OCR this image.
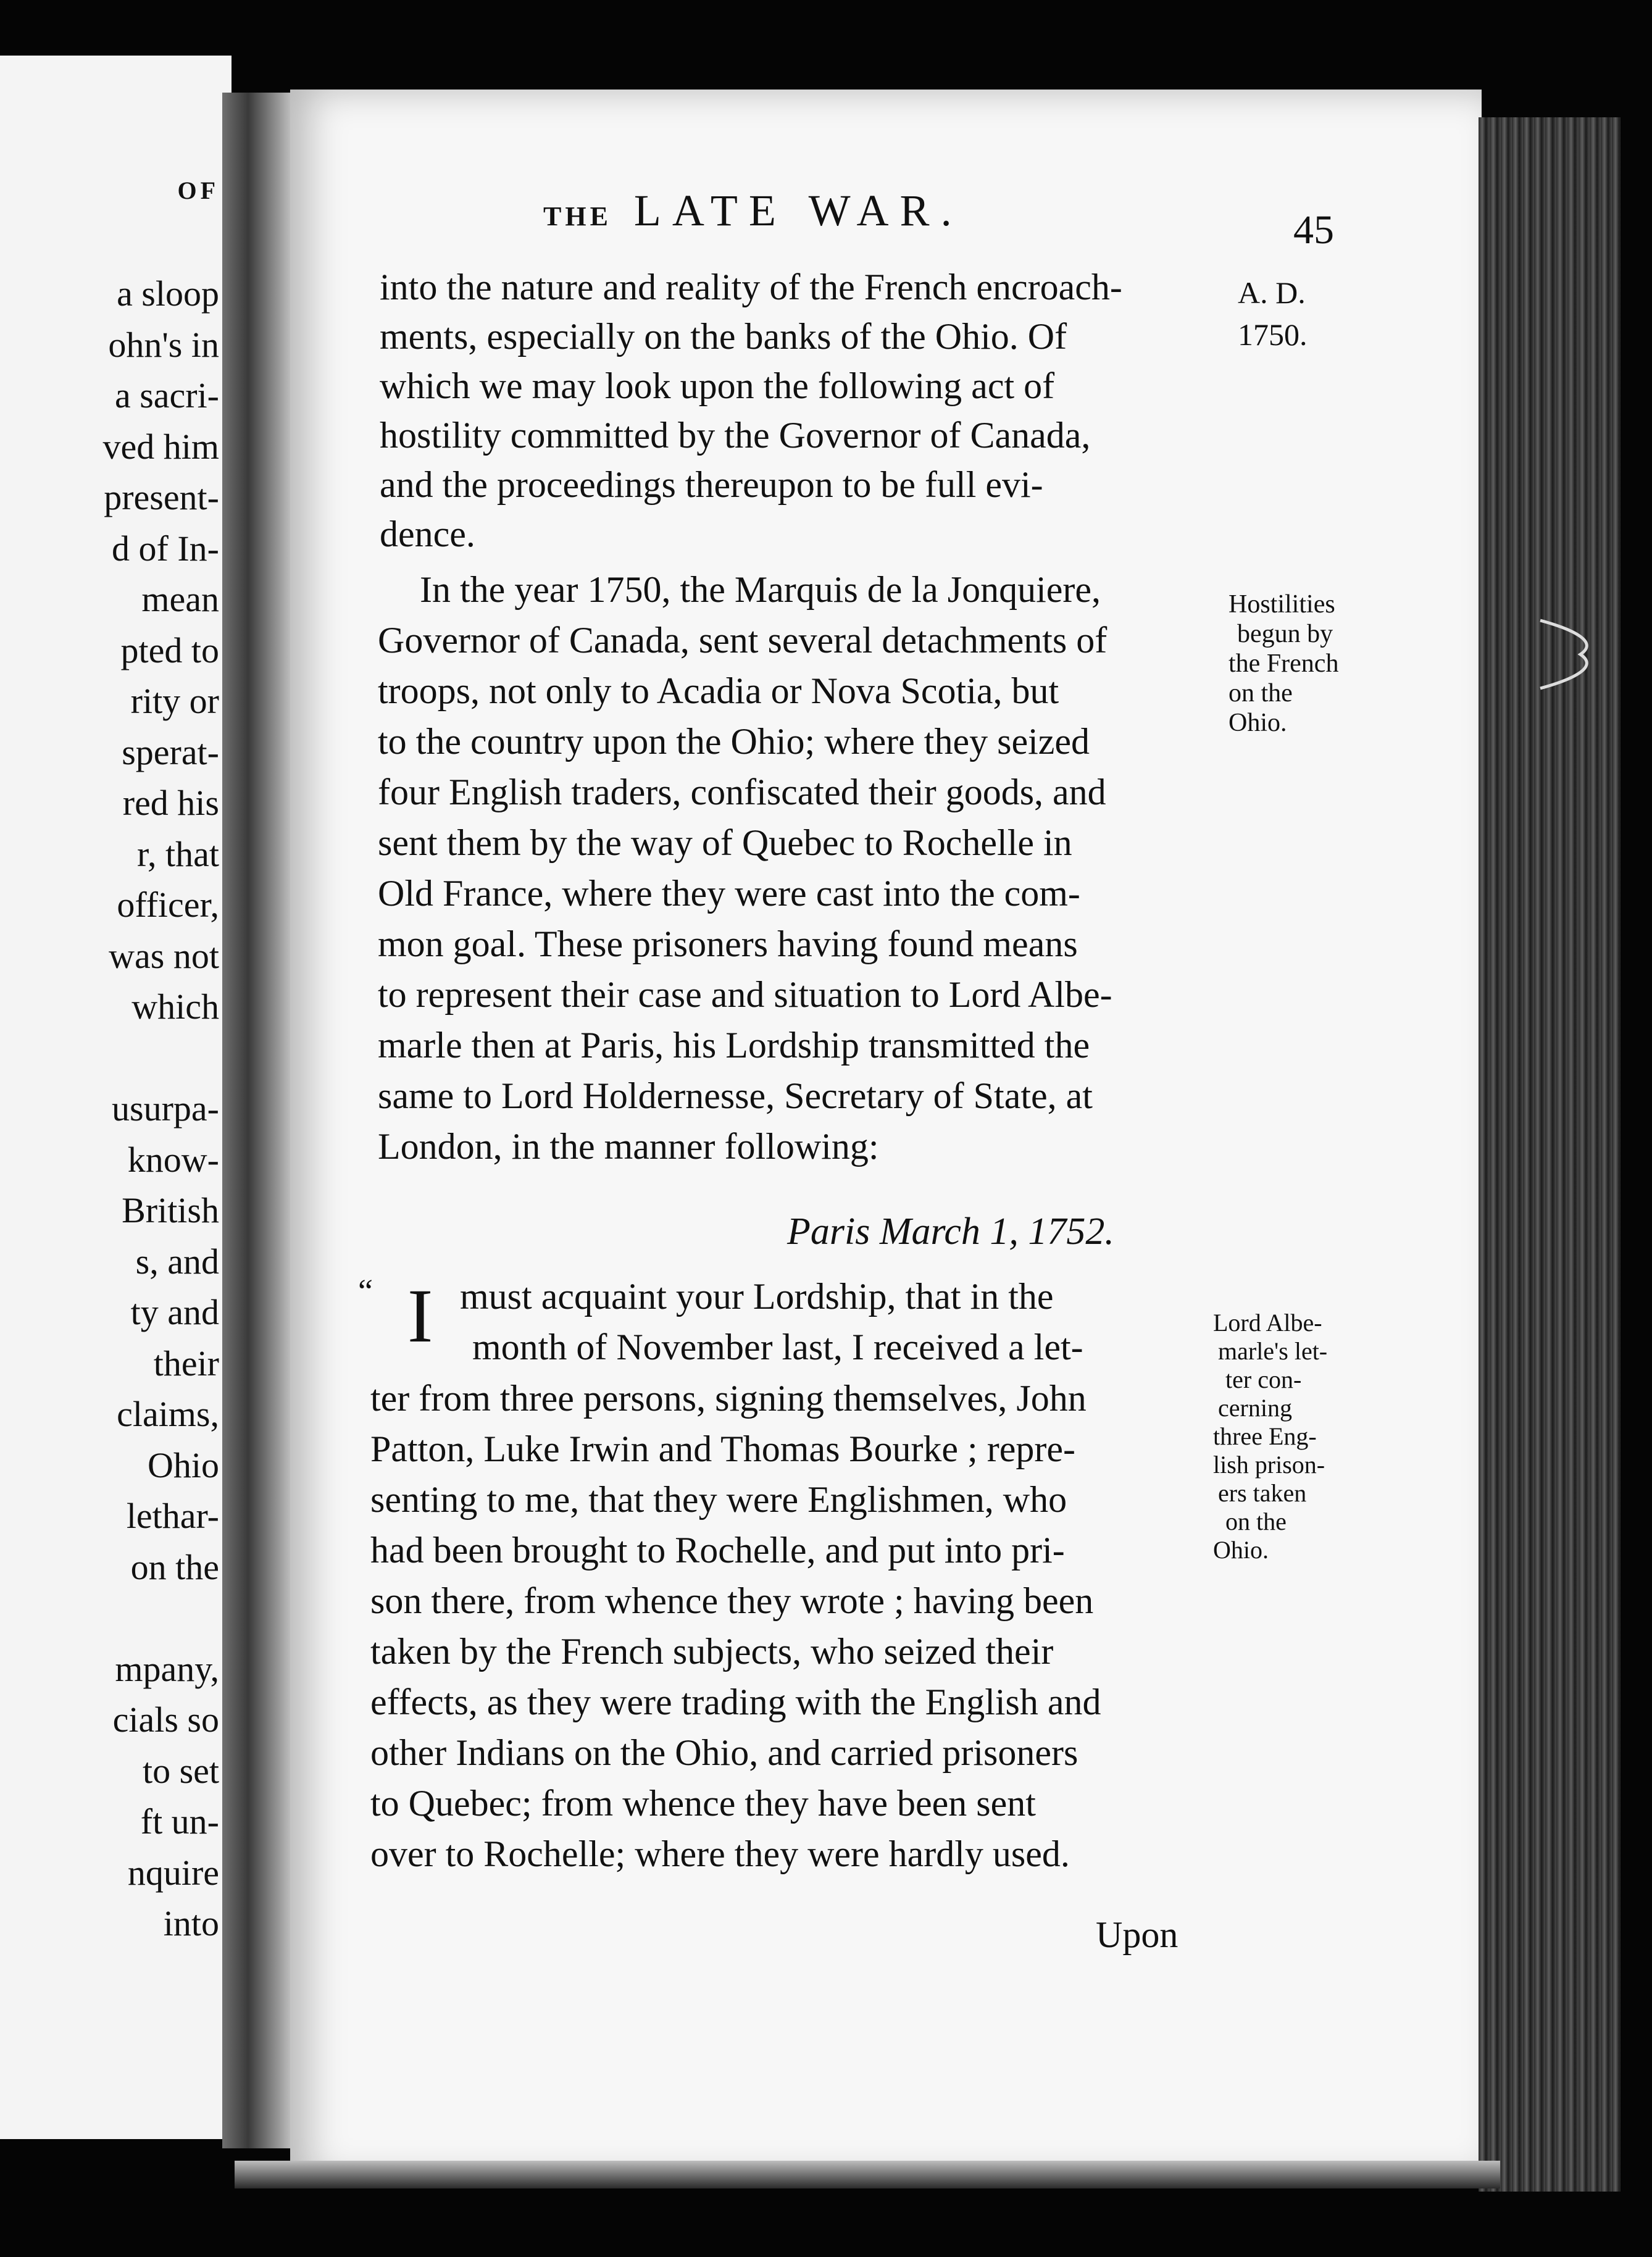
OF
a sloop
ohn's in
a sacri-
ved him
present-
d of In-
mean
pted to
rity or
sperat-
red his
r, that
officer,
was not
which
usurpa-
know-
British
s, and
ty and
their
claims,
Ohio
lethar-
on the
mpany,
cials so
to set
ft un-
nquire
into
THE LATE WAR.	45
A. D.
1750.
into the nature and reality of the French encroach-
ments, especially on the banks of the Ohio. Of
which we may look upon the following act of
hostility committed by the Governor of Canada,
and the proceedings thereupon to be full evi-
dence.
In the year 1750, the Marquis de la Jonquiere,
Governor of Canada, sent several detachments of
troops, not only to Acadia or Nova Scotia, but
to the country upon the Ohio; where they seized
four English traders, confiscated their goods, and
sent them by the way of Quebec to Rochelle in
Old France, where they were cast into the com-
mon goal. These prisoners having found means
to represent their case and situation to Lord Albe-
marle then at Paris, his Lordship transmitted the
same to Lord Holdernesse, Secretary of State, at
London, in the manner following:
Hostilities
begun by
the French
on the
Ohio.
Paris March 1, 1752.
“ I must acquaint your Lordship, that in the
month of November last, I received a let-
ter from three persons, signing themselves, John
Patton, Luke Irwin and Thomas Bourke ; repre-
senting to me, that they were Englishmen, who
had been brought to Rochelle, and put into pri-
son there, from whence they wrote ; having been
taken by the French subjects, who seized their
effects, as they were trading with the English and
other Indians on the Ohio, and carried prisoners
to Quebec; from whence they have been sent
over to Rochelle; where they were hardly used.
Lord Albe-
marle's let-
ter con-
cerning
three Eng-
lish prison-
ers taken
on the
Ohio.
Upon
